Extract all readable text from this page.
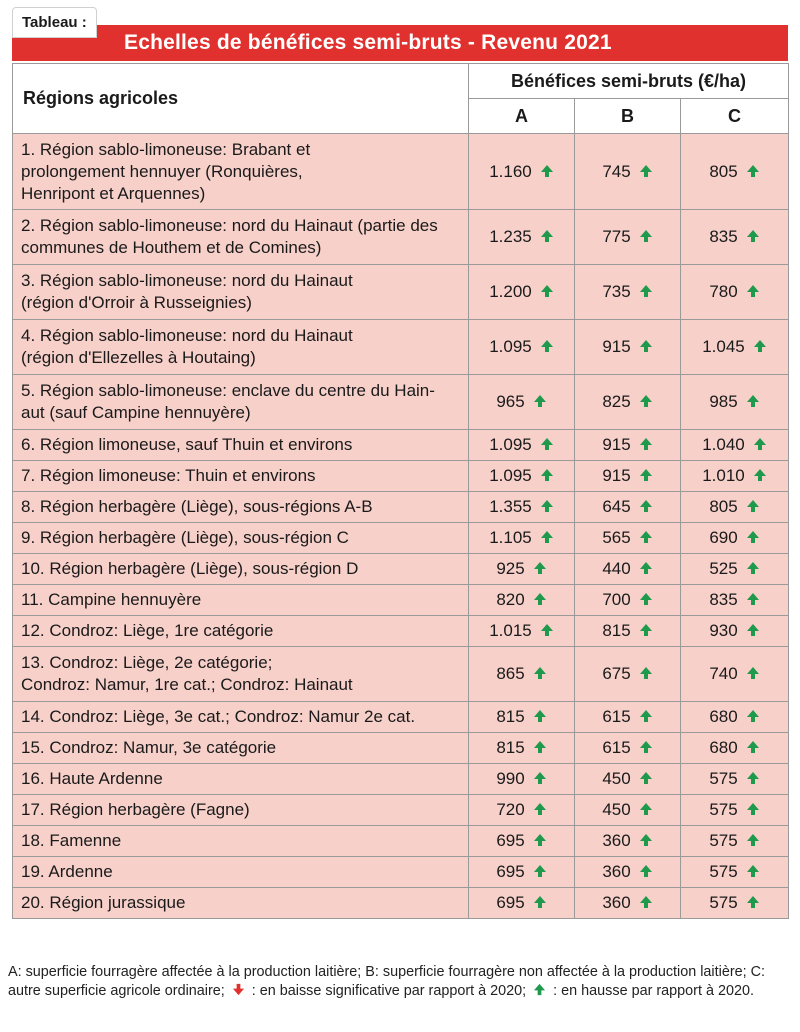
Tableau :
Echelles de bénéfices semi-bruts - Revenu 2021
Régions agricoles	Bénéfices semi-bruts (€/ha)		
	A	B	C

1. Région sablo-limoneuse: Brabant et
prolongement hennuyer (Ronquières,
Henripont et Arquennes)	1.160	745	805

2. Région sablo-limoneuse: nord du Hainaut (partie des
communes de Houthem et de Comines)	1.235	775	835

3. Région sablo-limoneuse: nord du Hainaut
(région d'Orroir à Russeignies)	1.200	735	780

4. Région sablo-limoneuse: nord du Hainaut
(région d'Ellezelles à Houtaing)	1.095	915	1.045

5. Région sablo-limoneuse: enclave du centre du Hain-
aut (sauf Campine hennuyère)	965	825	985

6. Région limoneuse, sauf Thuin et environs	1.095	915	1.040

7. Région limoneuse: Thuin et environs	1.095	915	1.010

8. Région herbagère (Liège), sous-régions A-B	1.355	645	805

9. Région herbagère (Liège), sous-région C	1.105	565	690

10. Région herbagère (Liège), sous-région D	925	440	525

11. Campine hennuyère	820	700	835

12. Condroz: Liège, 1re catégorie	1.015	815	930

13. Condroz: Liège, 2e catégorie;
Condroz: Namur, 1re cat.; Condroz: Hainaut	865	675	740

14. Condroz: Liège, 3e cat.; Condroz: Namur 2e cat.	815	615	680

15. Condroz: Namur, 3e catégorie	815	615	680

16. Haute Ardenne	990	450	575

17. Région herbagère (Fagne)	720	450	575

18. Famenne	695	360	575

19. Ardenne	695	360	575

20. Région jurassique	695	360	575
A: superficie fourragère affectée à la production laitière; B: superficie fourragère non affectée à la production laitière; C: autre superficie agricole ordinaire; : en baisse significative par rapport à 2020; : en hausse par rapport à 2020.
